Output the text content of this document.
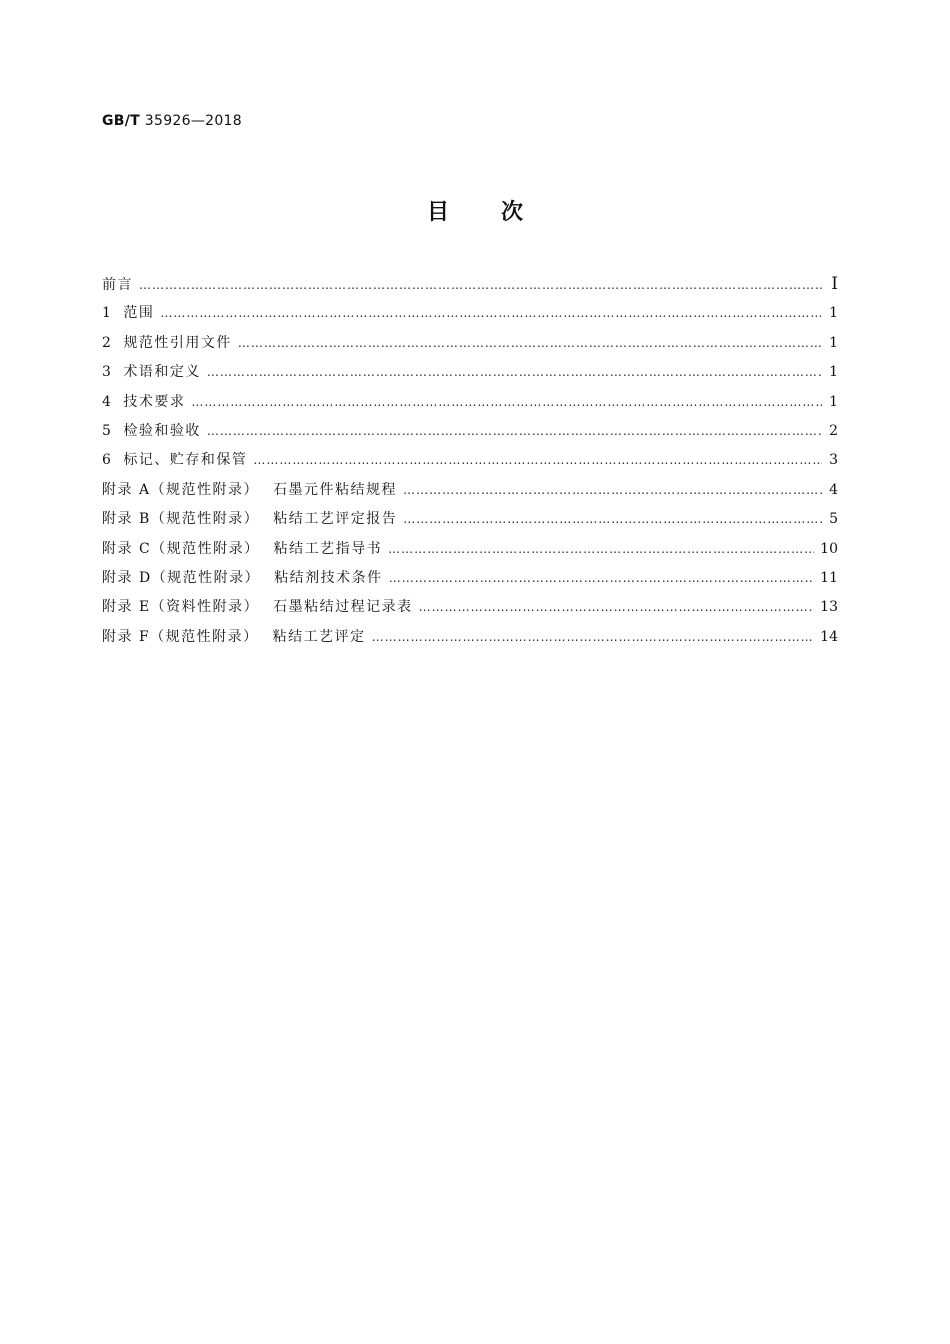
GB/T 35926—2018
目次
前言 ……………………………………………………………………………………………………………………………………………………………………………………………………………………	I
1 范围 ……………………………………………………………………………………………………………………………………………………………………………………………………………………	1
2 规范性引用文件 ……………………………………………………………………………………………………………………………………………………………………………………………………………………	1
3 术语和定义 ……………………………………………………………………………………………………………………………………………………………………………………………………………………	1
4 技术要求 ……………………………………………………………………………………………………………………………………………………………………………………………………………………	1
5 检验和验收 ……………………………………………………………………………………………………………………………………………………………………………………………………………………	2
6 标记、贮存和保管 ……………………………………………………………………………………………………………………………………………………………………………………………………………………	3
附录 A（规范性附录） 石墨元件粘结规程 ……………………………………………………………………………………………………………………………………………………………………………………………………………………	4
附录 B（规范性附录） 粘结工艺评定报告 ……………………………………………………………………………………………………………………………………………………………………………………………………………………	5
附录 C（规范性附录） 粘结工艺指导书 ……………………………………………………………………………………………………………………………………………………………………………………………………………………	10
附录 D（规范性附录） 粘结剂技术条件 ……………………………………………………………………………………………………………………………………………………………………………………………………………………	11
附录 E（资料性附录） 石墨粘结过程记录表 ……………………………………………………………………………………………………………………………………………………………………………………………………………………	13
附录 F（规范性附录） 粘结工艺评定 ……………………………………………………………………………………………………………………………………………………………………………………………………………………	14
